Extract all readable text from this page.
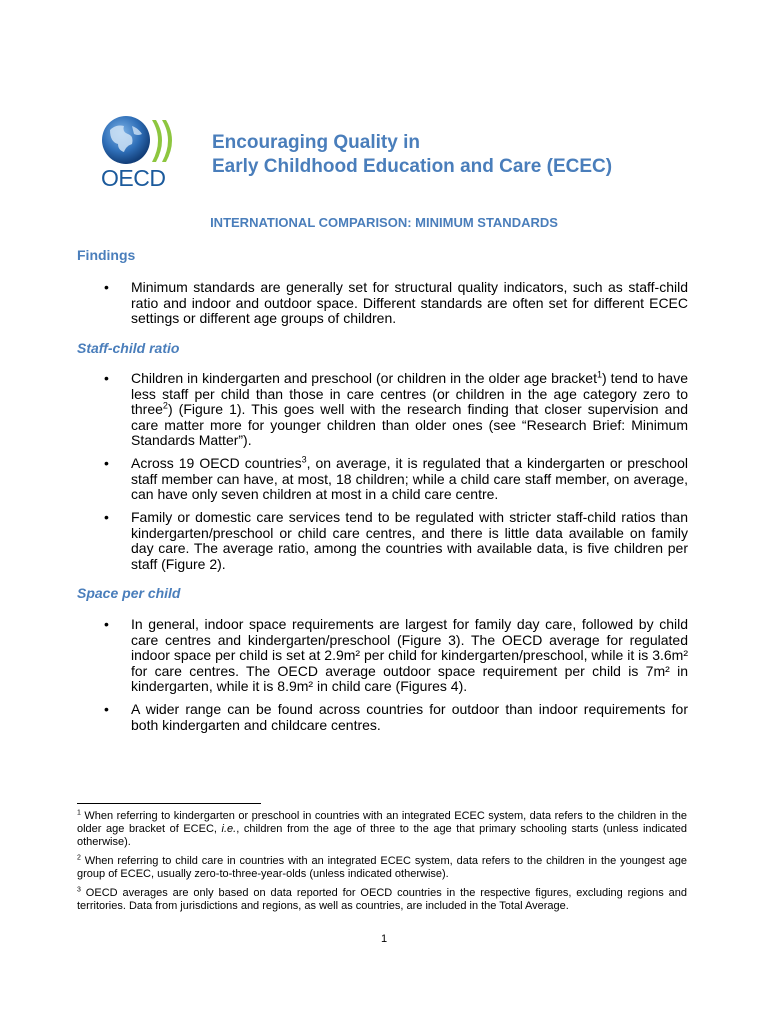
OECD
Encouraging Quality in
Early Childhood Education and Care (ECEC)
INTERNATIONAL COMPARISON: MINIMUM STANDARDS
Findings
• Minimum standards are generally set for structural quality indicators, such as staff-child ratio and indoor and outdoor space. Different standards are often set for different ECEC settings or different age groups of children.
Staff-child ratio
• Children in kindergarten and preschool (or children in the older age bracket$^1$) tend to have less staff per child than those in care centres (or children in the age category zero to three$^2$) (Figure 1). This goes well with the research finding that closer supervision and care matter more for younger children than older ones (see “Research Brief: Minimum Standards Matter”).
• Across 19 OECD countries$^3$, on average, it is regulated that a kindergarten or preschool staff member can have, at most, 18 children; while a child care staff member, on average, can have only seven children at most in a child care centre.
• Family or domestic care services tend to be regulated with stricter staff-child ratios than kindergarten/preschool or child care centres, and there is little data available on family day care. The average ratio, among the countries with available data, is five children per staff (Figure 2).
Space per child
• In general, indoor space requirements are largest for family day care, followed by child care centres and kindergarten/preschool (Figure 3). The OECD average for regulated indoor space per child is set at 2.9m² per child for kindergarten/preschool, while it is 3.6m² for care centres. The OECD average outdoor space requirement per child is 7m² in kindergarten, while it is 8.9m² in child care (Figures 4).
• A wider range can be found across countries for outdoor than indoor requirements for both kindergarten and childcare centres.
$^1$ When referring to kindergarten or preschool in countries with an integrated ECEC system, data refers to the children in the older age bracket of ECEC, i.e., children from the age of three to the age that primary schooling starts (unless indicated otherwise).
$^2$ When referring to child care in countries with an integrated ECEC system, data refers to the children in the youngest age group of ECEC, usually zero-to-three-year-olds (unless indicated otherwise).
$^3$ OECD averages are only based on data reported for OECD countries in the respective figures, excluding regions and territories. Data from jurisdictions and regions, as well as countries, are included in the Total Average.
1
